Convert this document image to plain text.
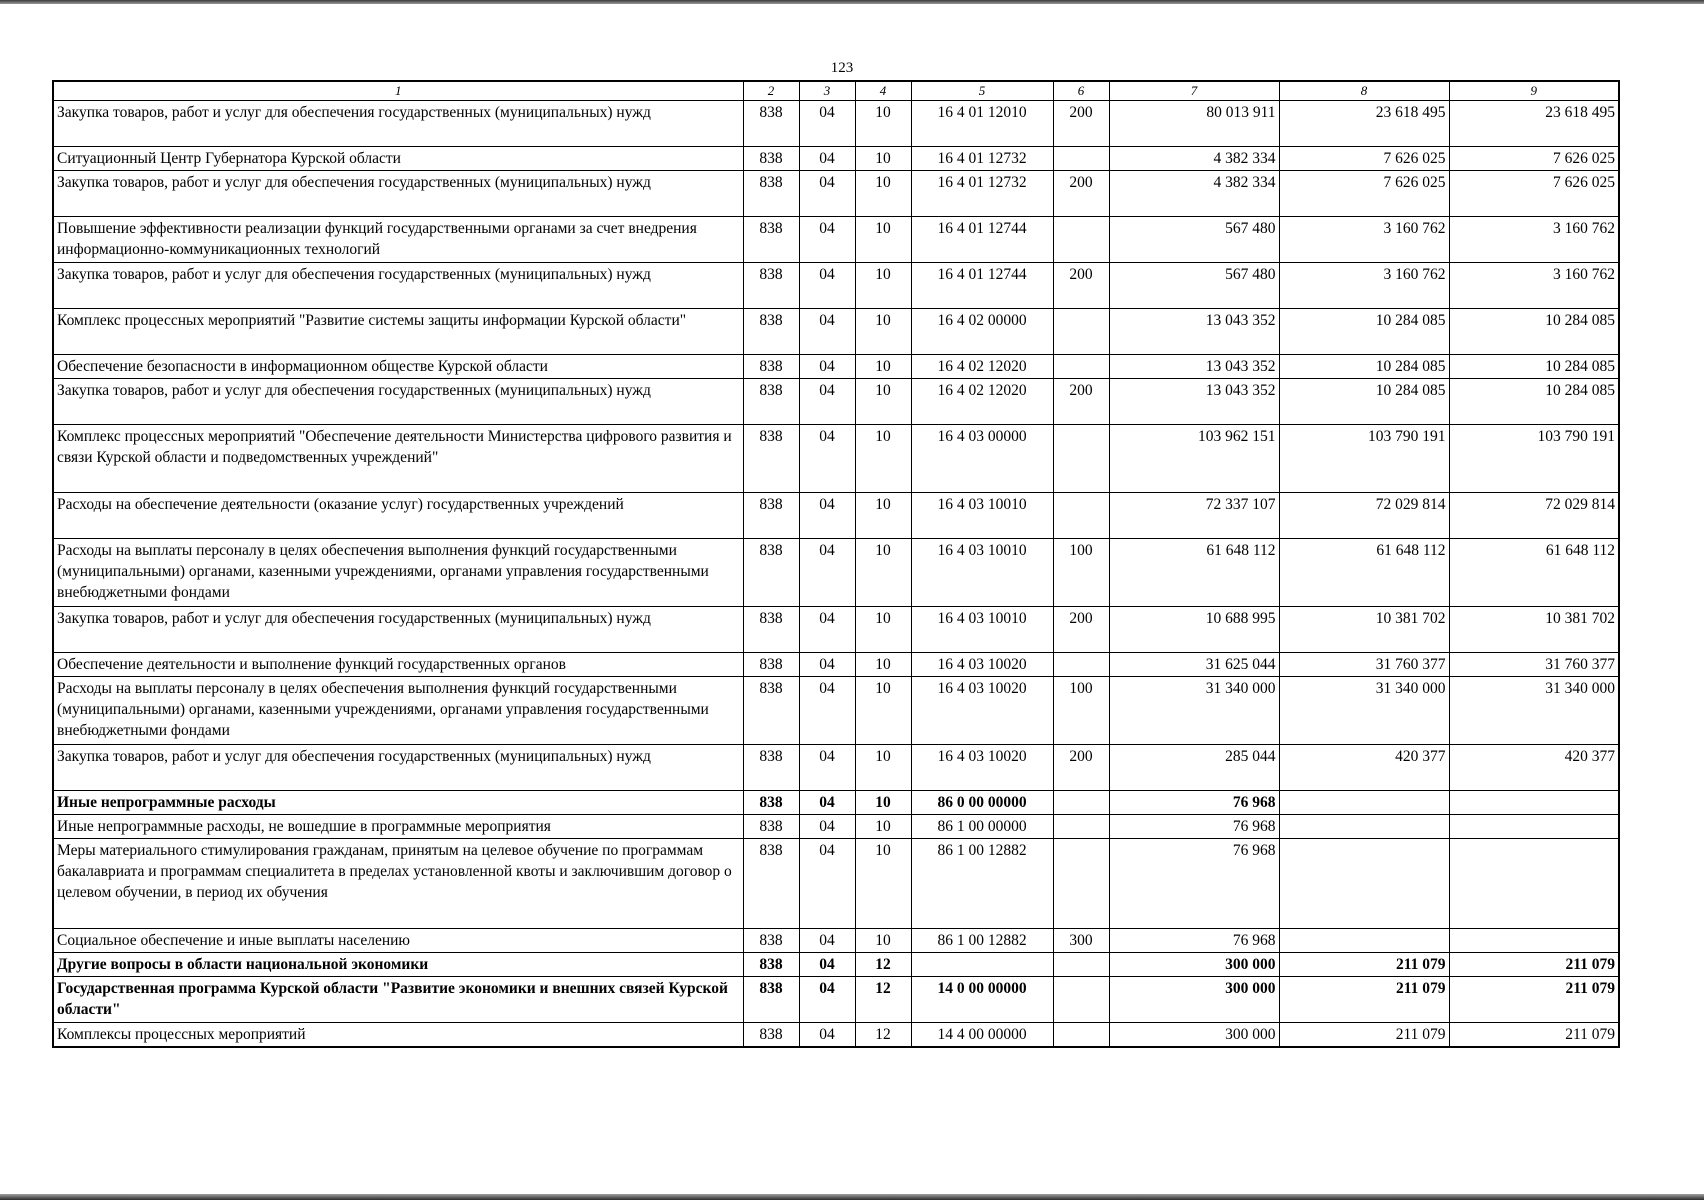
123
1	2	3	4	5	6	7	8	9
Закупка товаров, работ и услуг для обеспечения государственных (муниципальных) нужд	838	04	10	16 4 01 12010	200	80 013 911	23 618 495	23 618 495
Ситуационный Центр Губернатора Курской области	838	04	10	16 4 01 12732		4 382 334	7 626 025	7 626 025
Закупка товаров, работ и услуг для обеспечения государственных (муниципальных) нужд	838	04	10	16 4 01 12732	200	4 382 334	7 626 025	7 626 025
Повышение эффективности реализации функций государственными органами за счет внедрения информационно-коммуникационных технологий	838	04	10	16 4 01 12744		567 480	3 160 762	3 160 762
Закупка товаров, работ и услуг для обеспечения государственных (муниципальных) нужд	838	04	10	16 4 01 12744	200	567 480	3 160 762	3 160 762
Комплекс процессных мероприятий "Развитие системы защиты информации Курской области"	838	04	10	16 4 02 00000		13 043 352	10 284 085	10 284 085
Обеспечение безопасности в информационном обществе Курской области	838	04	10	16 4 02 12020		13 043 352	10 284 085	10 284 085
Закупка товаров, работ и услуг для обеспечения государственных (муниципальных) нужд	838	04	10	16 4 02 12020	200	13 043 352	10 284 085	10 284 085
Комплекс процессных мероприятий "Обеспечение деятельности Министерства цифрового развития и связи Курской области и подведомственных учреждений"	838	04	10	16 4 03 00000		103 962 151	103 790 191	103 790 191
Расходы на обеспечение деятельности (оказание услуг) государственных учреждений	838	04	10	16 4 03 10010		72 337 107	72 029 814	72 029 814
Расходы на выплаты персоналу в целях обеспечения выполнения функций государственными (муниципальными) органами, казенными учреждениями, органами управления государственными внебюджетными фондами	838	04	10	16 4 03 10010	100	61 648 112	61 648 112	61 648 112
Закупка товаров, работ и услуг для обеспечения государственных (муниципальных) нужд	838	04	10	16 4 03 10010	200	10 688 995	10 381 702	10 381 702
Обеспечение деятельности и выполнение функций государственных органов	838	04	10	16 4 03 10020		31 625 044	31 760 377	31 760 377
Расходы на выплаты персоналу в целях обеспечения выполнения функций государственными (муниципальными) органами, казенными учреждениями, органами управления государственными внебюджетными фондами	838	04	10	16 4 03 10020	100	31 340 000	31 340 000	31 340 000
Закупка товаров, работ и услуг для обеспечения государственных (муниципальных) нужд	838	04	10	16 4 03 10020	200	285 044	420 377	420 377
Иные непрограммные расходы	838	04	10	86 0 00 00000		76 968		
Иные непрограммные расходы, не вошедшие в программные мероприятия	838	04	10	86 1 00 00000		76 968		
Меры материального стимулирования гражданам, принятым на целевое обучение по программам бакалавриата и программам специалитета в пределах установленной квоты и заключившим договор о целевом обучении, в период их обучения	838	04	10	86 1 00 12882		76 968		
Социальное обеспечение и иные выплаты населению	838	04	10	86 1 00 12882	300	76 968		
Другие вопросы в области национальной экономики	838	04	12			300 000	211 079	211 079
Государственная программа Курской области "Развитие экономики и внешних связей Курской области"	838	04	12	14 0 00 00000		300 000	211 079	211 079
Комплексы процессных мероприятий	838	04	12	14 4 00 00000		300 000	211 079	211 079
